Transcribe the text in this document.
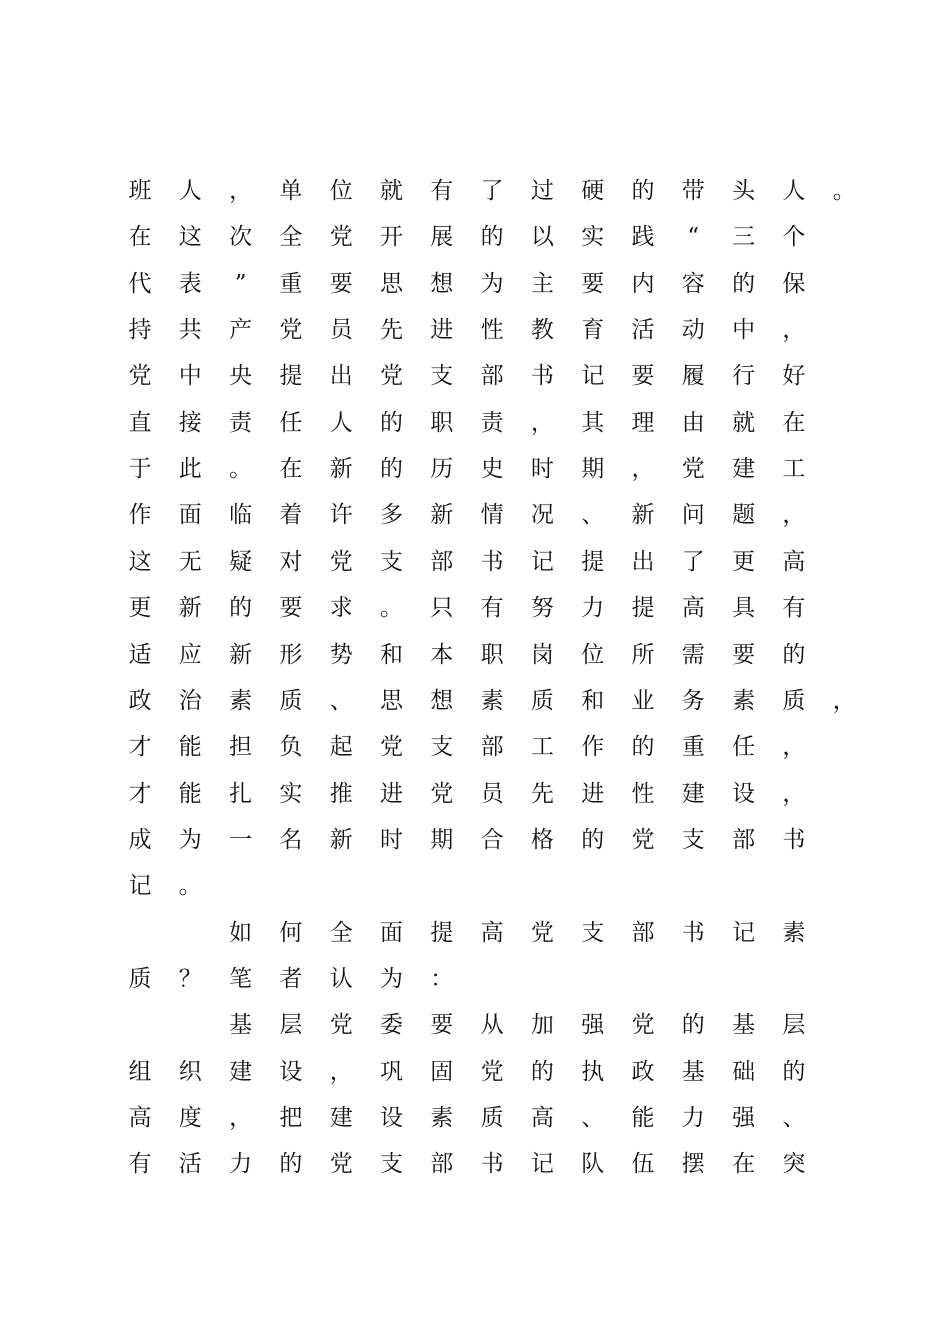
班 人 ， 单 位 就 有 了 过 硬 的 带 头 人 。
在 这 次 全 党 开 展 的 以 实 践	“	三 个
代 表	”	重 要 思 想 为 主 要 内 容 的 保
持 共 产 党 员 先 进 性 教 育 活 动 中 ，
党 中 央 提 出 党 支 部 书 记 要 履 行 好
直 接 责 任 人 的 职 责 ， 其 理 由 就 在
于 此 。 在 新 的 历 史 时 期 ， 党 建 工
作 面 临 着 许 多 新 情 况 、 新 问 题 ，
这 无 疑 对 党 支 部 书 记 提 出 了 更 高
更 新 的 要 求 。 只 有 努 力 提 高 具 有
适 应 新 形 势 和 本 职 岗 位 所 需 要 的
政 治 素 质 、 思 想 素 质 和 业 务 素 质 ，
才 能 担 负 起 党 支 部 工 作 的 重 任 ，
才 能 扎 实 推 进 党 员 先 进 性 建 设 ，
成 为 一 名 新 时 期 合 格 的 党 支 部 书
记 。
如 何 全 面 提 高 党 支 部 书 记 素
质 ？ 笔 者 认 为 ：
基 层 党 委 要 从 加 强 党 的 基 层
组 织 建 设 ， 巩 固 党 的 执 政 基 础 的
高 度 ， 把 建 设 素 质 高 、 能 力 强 、
有 活 力 的 党 支 部 书 记 队 伍 摆 在 突
